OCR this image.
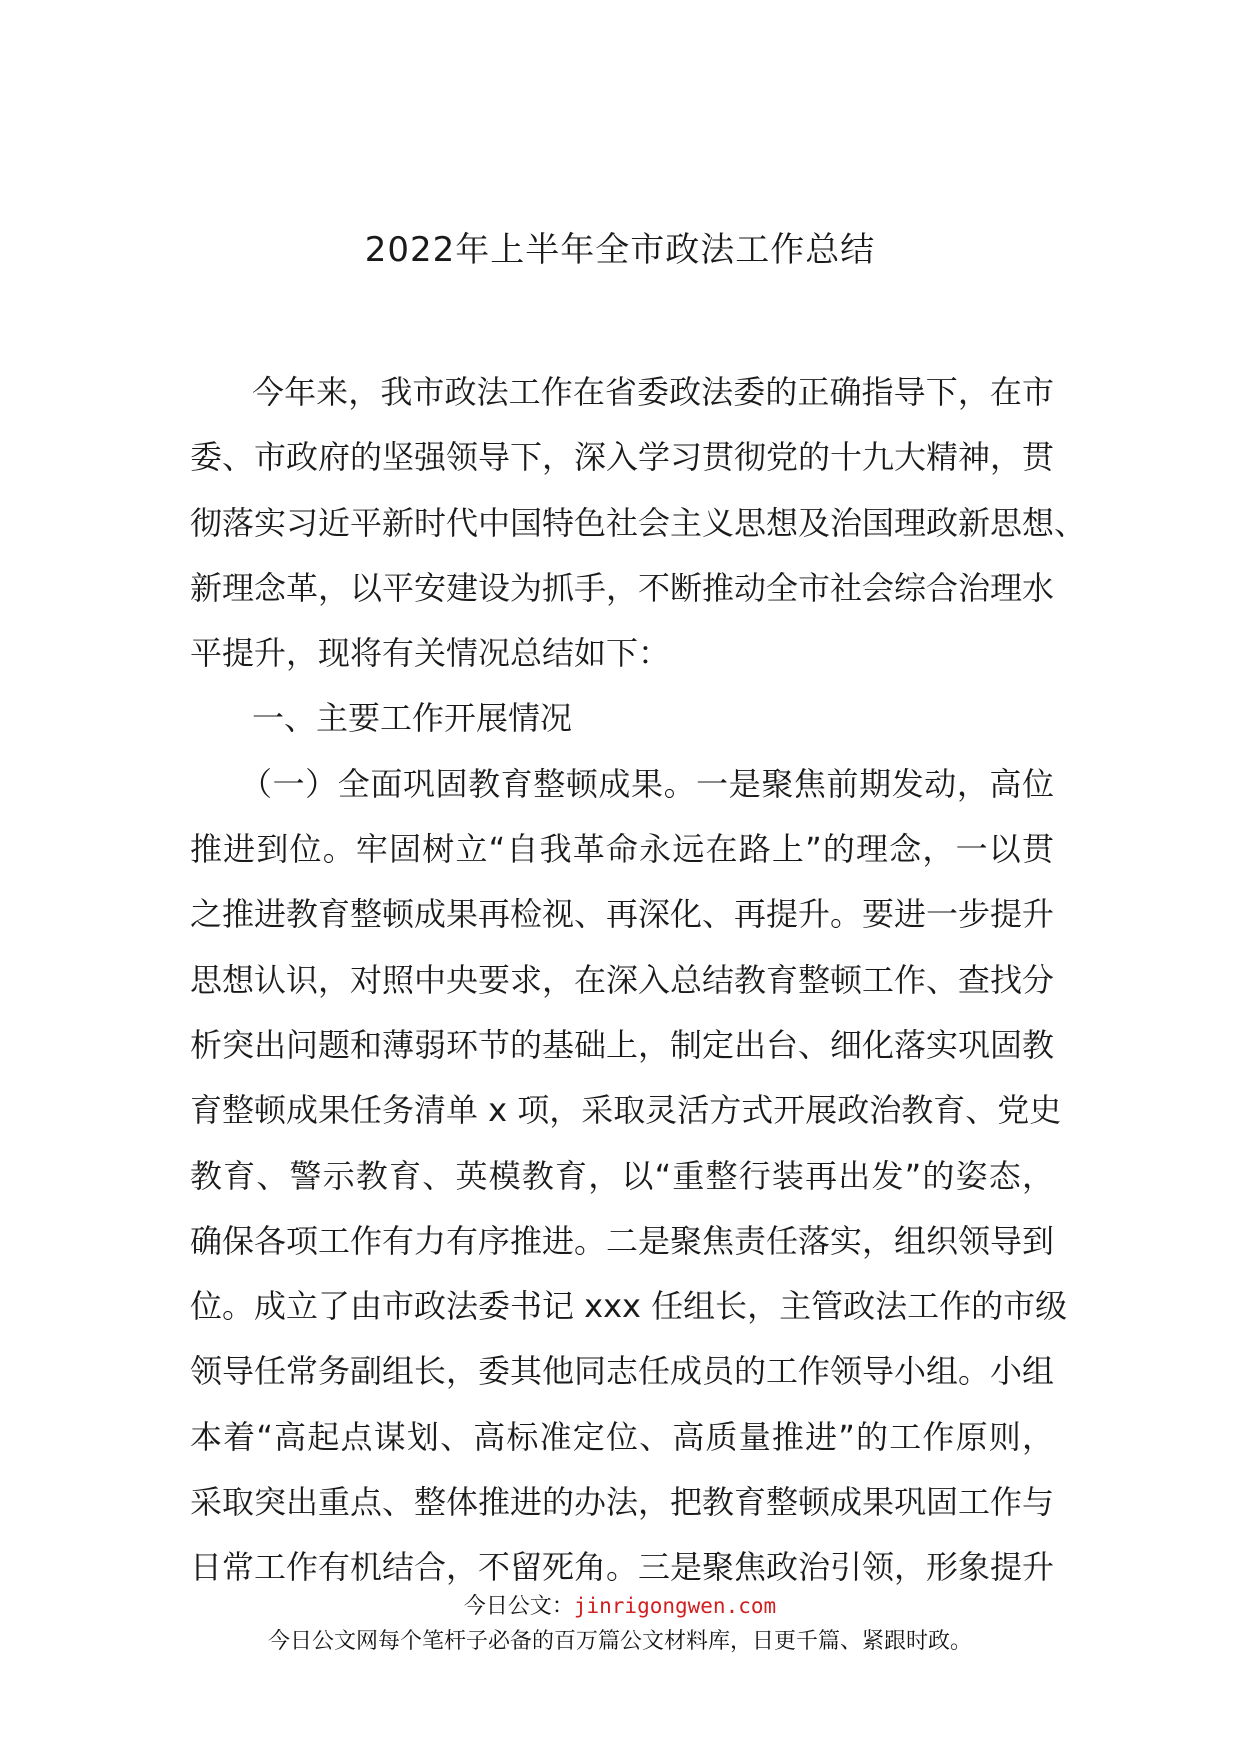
2022年上半年全市政法工作总结
今年来，我市政法工作在省委政法委的正确指导下，在市
委、市政府的坚强领导下，深入学习贯彻党的十九大精神，贯
彻落实习近平新时代中国特色社会主义思想及治国理政新思想、
新理念革，以平安建设为抓手，不断推动全市社会综合治理水
平提升，现将有关情况总结如下：
一、主要工作开展情况
（一）全面巩固教育整顿成果。一是聚焦前期发动，高位
推进到位。牢固树立“自我革命永远在路上”的理念，一以贯
之推进教育整顿成果再检视、再深化、再提升。要进一步提升
思想认识，对照中央要求，在深入总结教育整顿工作、查找分
析突出问题和薄弱环节的基础上，制定出台、细化落实巩固教
育整顿成果任务清单 x 项，采取灵活方式开展政治教育、党史
教育、警示教育、英模教育，以“重整行装再出发”的姿态，
确保各项工作有力有序推进。二是聚焦责任落实，组织领导到
位。成立了由市政法委书记 xxx 任组长，主管政法工作的市级
领导任常务副组长，委其他同志任成员的工作领导小组。小组
本着“高起点谋划、高标准定位、高质量推进”的工作原则，
采取突出重点、整体推进的办法，把教育整顿成果巩固工作与
日常工作有机结合，不留死角。三是聚焦政治引领，形象提升
今日公文：jinrigongwen.com
今日公文网每个笔杆子必备的百万篇公文材料库，日更千篇、紧跟时政。
